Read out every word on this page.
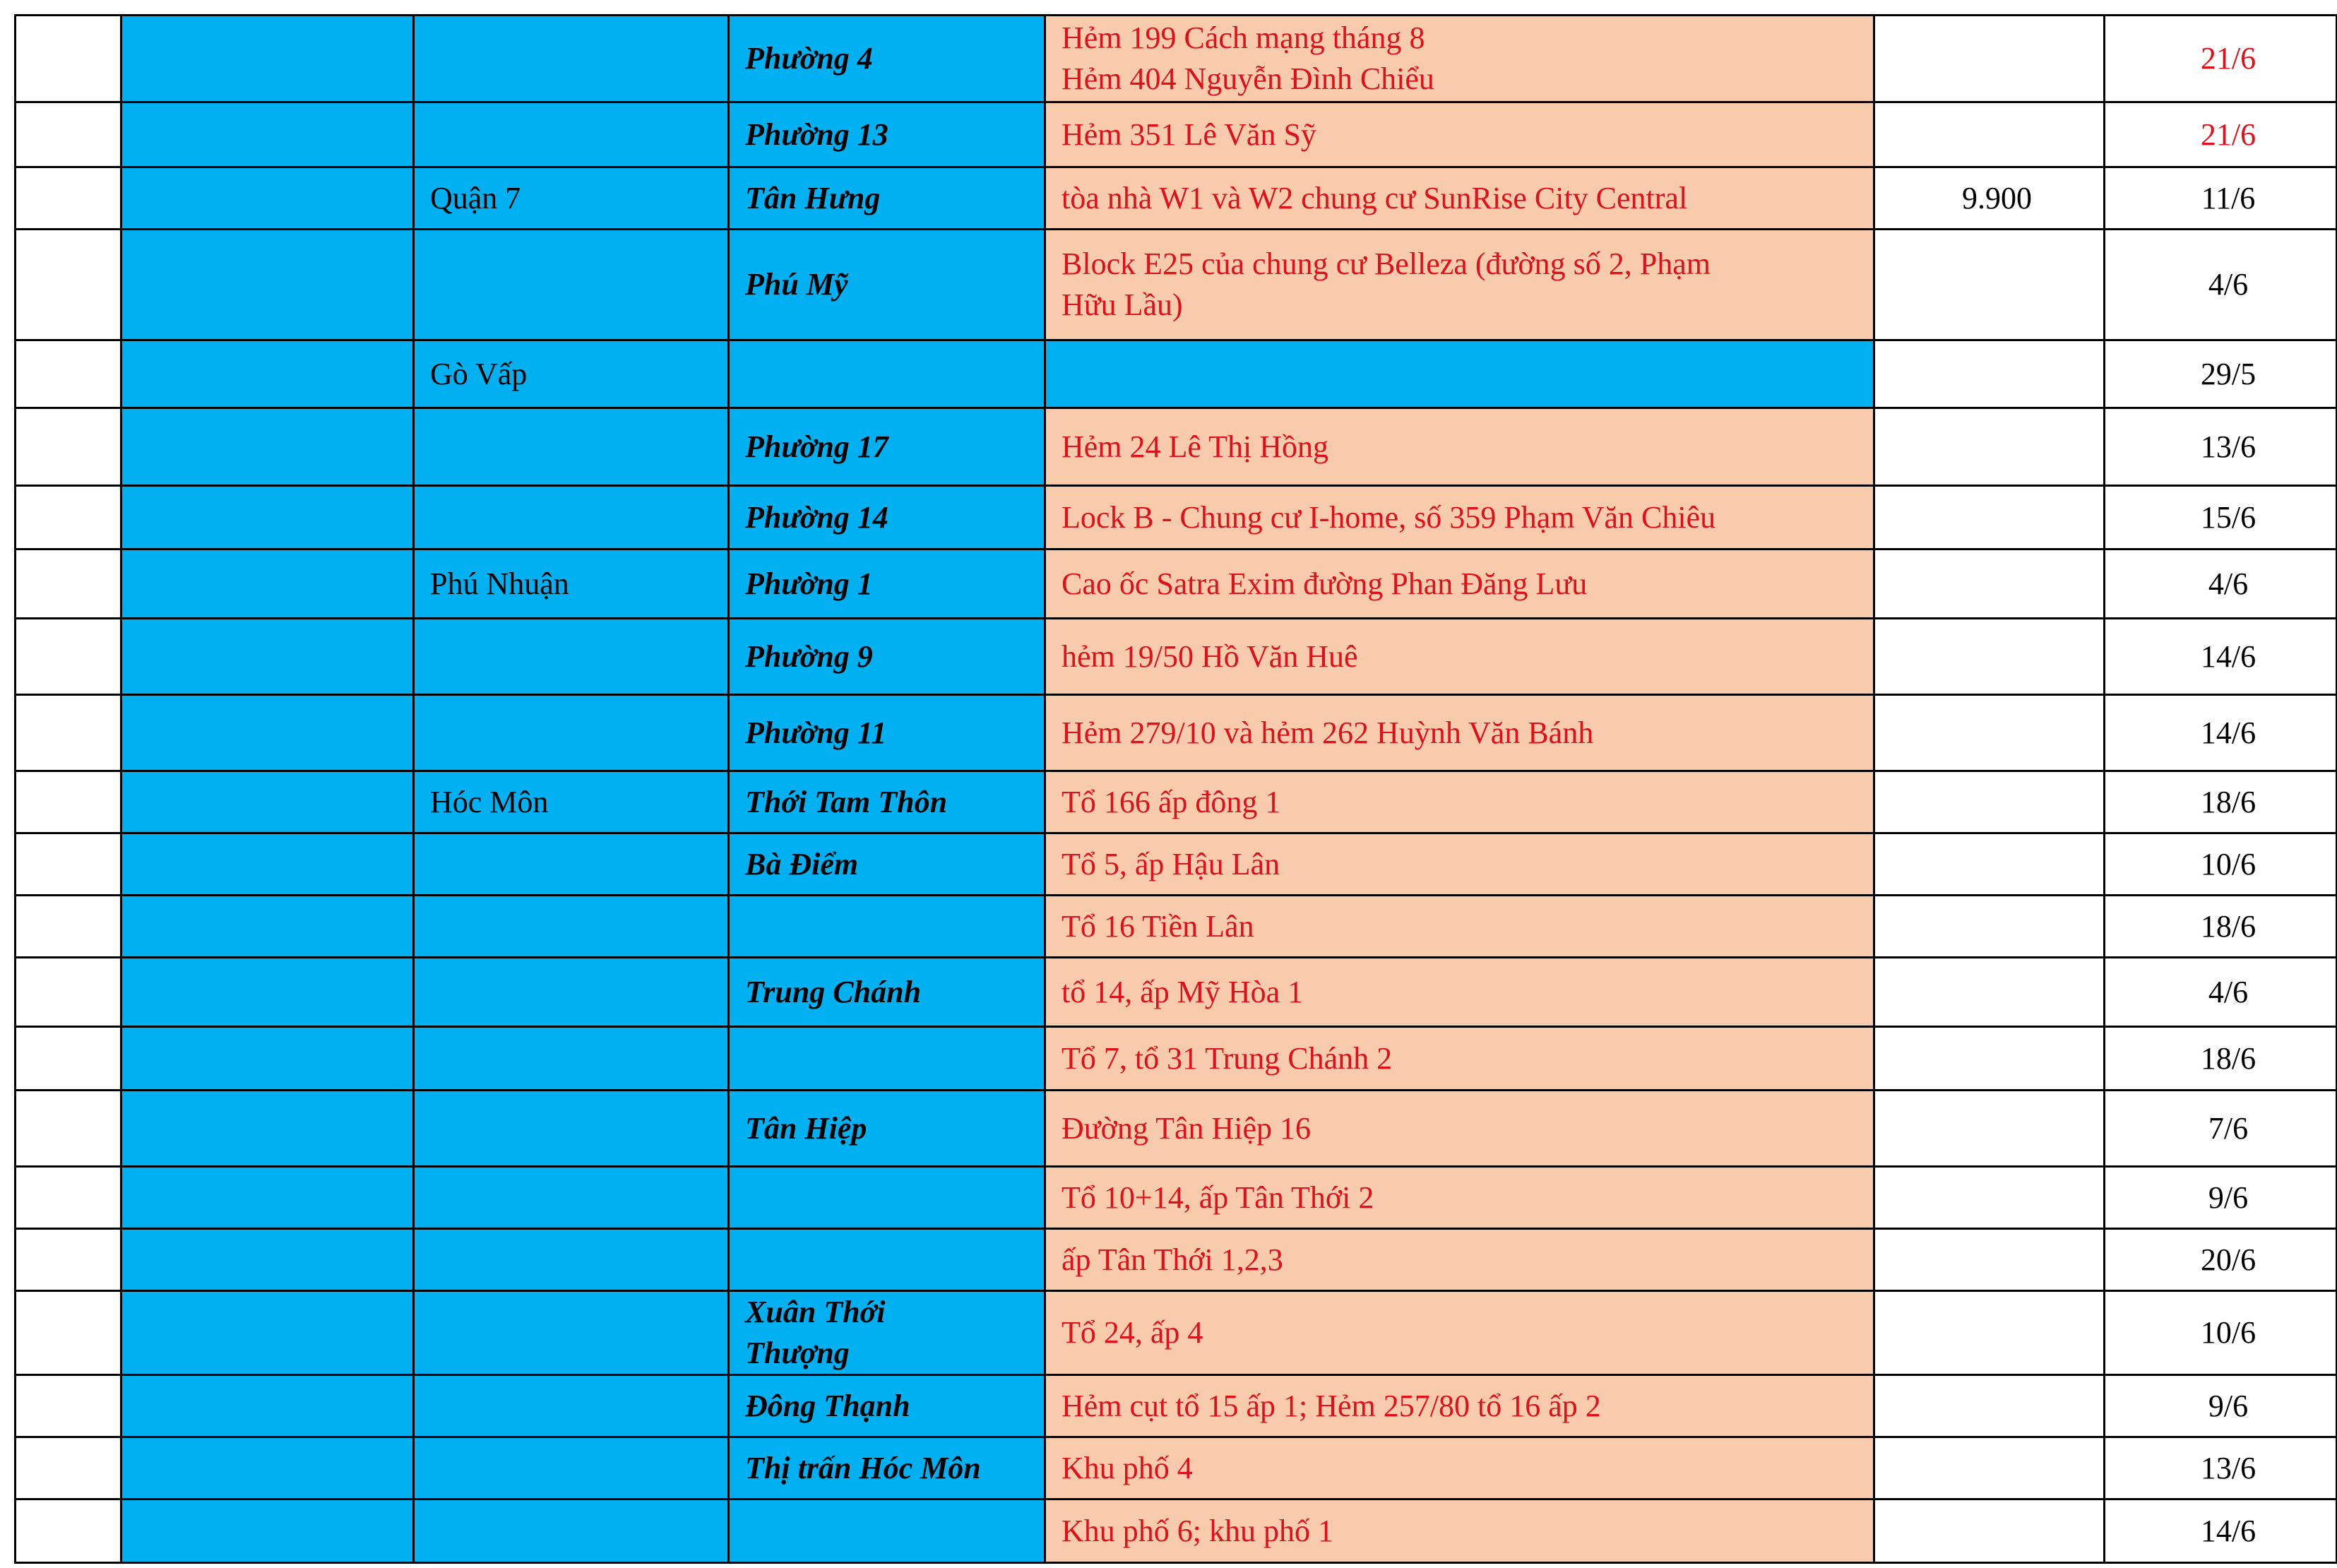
			Phường 4	Hẻm 199 Cách mạng tháng 8
Hẻm 404 Nguyễn Đình Chiểu		21/6
			Phường 13	Hẻm 351 Lê Văn Sỹ		21/6
		Quận 7	Tân Hưng	tòa nhà W1 và W2 chung cư SunRise City Central	9.900	11/6
			Phú Mỹ	Block E25 của chung cư Belleza (đường số 2, Phạm
Hữu Lầu)		4/6
		Gò Vấp				29/5
			Phường 17	Hẻm 24 Lê Thị Hồng		13/6
			Phường 14	Lock B - Chung cư I-home, số 359 Phạm Văn Chiêu		15/6
		Phú Nhuận	Phường 1	Cao ốc Satra Exim đường Phan Đăng Lưu		4/6
			Phường 9	hẻm 19/50 Hồ Văn Huê		14/6
			Phường 11	Hẻm 279/10 và hẻm 262 Huỳnh Văn Bánh		14/6
		Hóc Môn	Thới Tam Thôn	Tổ 166 ấp đông 1		18/6
			Bà Điểm	Tổ 5, ấp Hậu Lân		10/6

				Tổ 16 Tiền Lân		18/6
			Trung Chánh	tổ 14, ấp Mỹ Hòa 1		4/6

				Tổ 7, tổ 31 Trung Chánh 2		18/6
			Tân Hiệp	Đường Tân Hiệp 16		7/6

				Tổ 10+14, ấp Tân Thới 2		9/6

				ấp Tân Thới 1,2,3		20/6

			Xuân Thới
Thượng	Tổ 24, ấp 4		10/6
			Đông Thạnh	Hẻm cụt tổ 15 ấp 1; Hẻm 257/80 tổ 16 ấp 2		9/6
			Thị trấn Hóc Môn	Khu phố 4		13/6

				Khu phố 6; khu phố 1		14/6
